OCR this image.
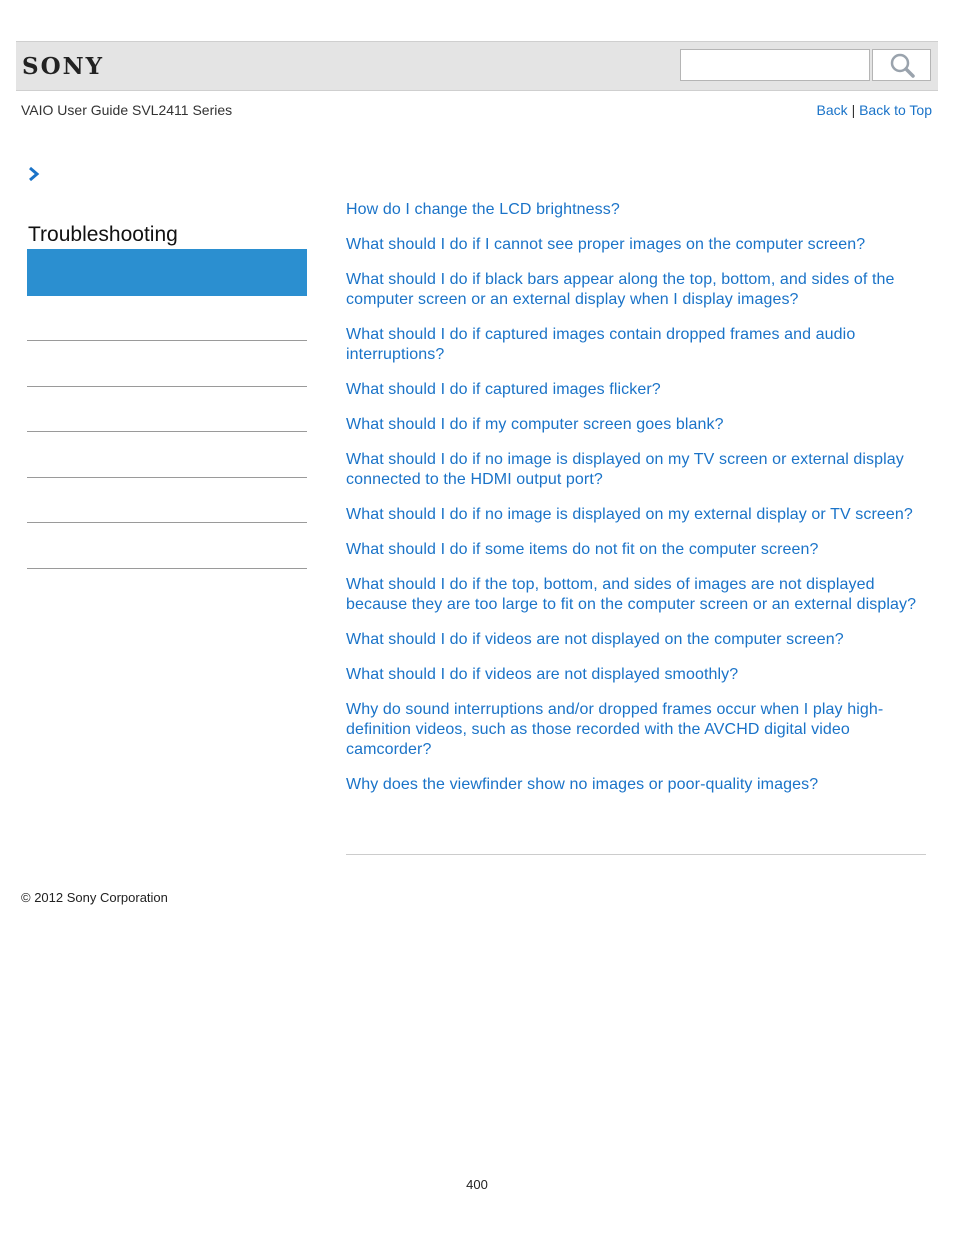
SONY
VAIO User Guide SVL2411 Series	Back | Back to Top
Troubleshooting
How do I change the LCD brightness?
What should I do if I cannot see proper images on the computer screen?
What should I do if black bars appear along the top, bottom, and sides of the computer screen or an external display when I display images?
What should I do if captured images contain dropped frames and audio interruptions?
What should I do if captured images flicker?
What should I do if my computer screen goes blank?
What should I do if no image is displayed on my TV screen or external display connected to the HDMI output port?
What should I do if no image is displayed on my external display or TV screen?
What should I do if some items do not fit on the computer screen?
What should I do if the top, bottom, and sides of images are not displayed because they are too large to fit on the computer screen or an external display?
What should I do if videos are not displayed on the computer screen?
What should I do if videos are not displayed smoothly?
Why do sound interruptions and/or dropped frames occur when I play high-definition videos, such as those recorded with the AVCHD digital video camcorder?
Why does the viewfinder show no images or poor-quality images?
© 2012 Sony Corporation
400
